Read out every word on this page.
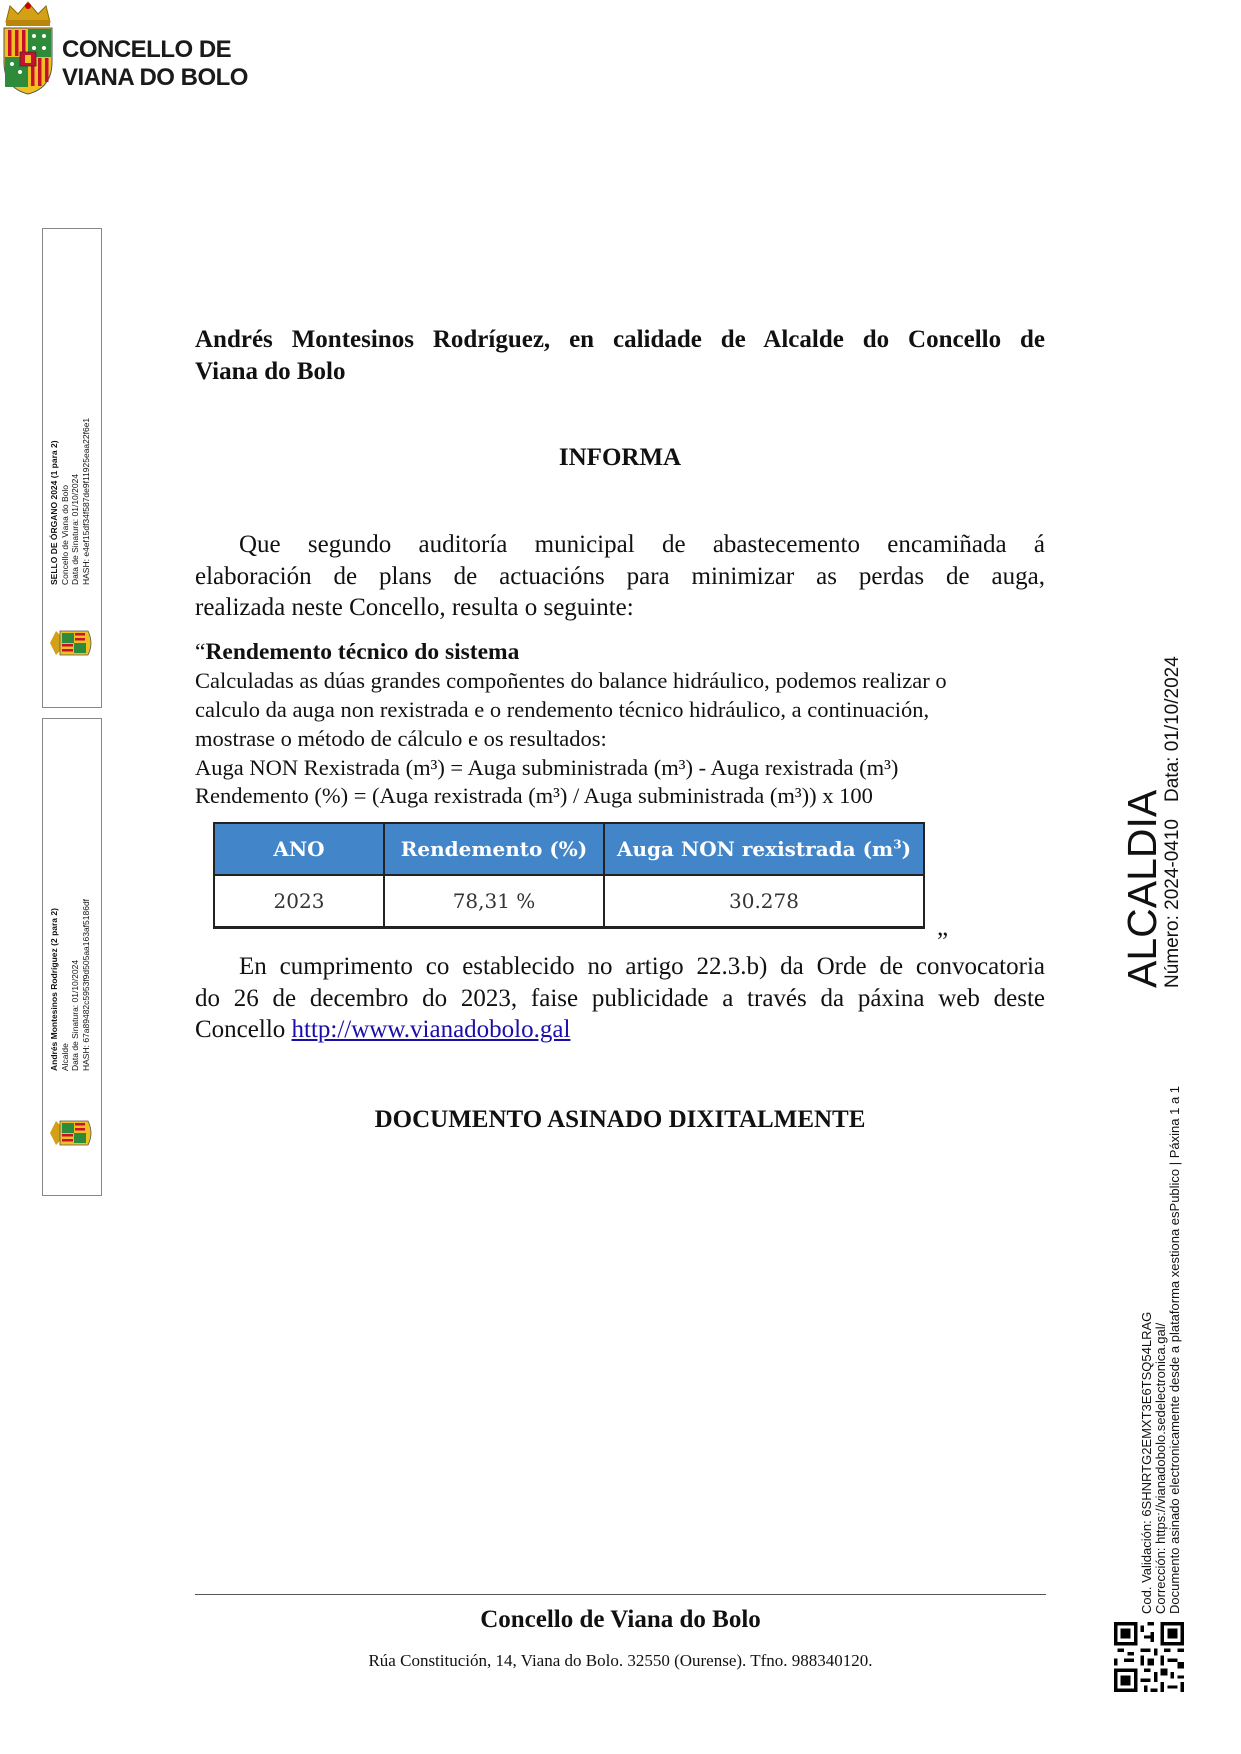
CONCELLO DE
VIANA DO BOLO
SELLO DE ÓRGANO 2024 (1 para 2) Concello de Viana do Bolo Data de Sinatura: 01/10/2024 HASH: e4ef15df34f587de9f11925eaa22f6e1
Andrés Montesinos Rodríguez (2 para 2) Alcalde Data de Sinatura: 01/10/2024 HASH: 67a89482c5953f9d505aa163af5186df
Andrés Montesinos Rodríguez, en calidade de Alcalde do Concello de
Viana do Bolo
INFORMA
Que segundo auditoría municipal de abastecemento encamiñada á
elaboración de plans de actuacións para minimizar as perdas de auga,
realizada neste Concello, resulta o seguinte:
“Rendemento técnico do sistema
Calculadas as dúas grandes compoñentes do balance hidráulico, podemos realizar o
calculo da auga non rexistrada e o rendemento técnico hidráulico, a continuación,
mostrase o método de cálculo e os resultados:
Auga NON Rexistrada (m³) = Auga subministrada (m³) - Auga rexistrada (m³)
Rendemento (%) = (Auga rexistrada (m³) / Auga subministrada (m³)) x 100
ANO	Rendemento (%)	Auga NON rexistrada $(m^3)$
2023	78,31 %	30.278
„
En cumprimento co establecido no artigo 22.3.b) da Orde de convocatoria
do 26 de decembro do 2023, faise publicidade a través da páxina web deste
Concello http://www.vianadobolo.gal
DOCUMENTO ASINADO DIXITALMENTE
Concello de Viana do Bolo
Rúa Constitución, 14, Viana do Bolo. 32550 (Ourense). Tfno. 988340120.
ALCALDIA
Número: 2024-0410
Data: 01/10/2024
Cod. Validación: 6SHNRTG2EMXT3E6TSQ54LRAG Corrección: https://vianadobolo.sedelectronica.gal/ Documento asinado electronicamente desde a plataforma xestiona esPublico | Páxina 1 a 1
